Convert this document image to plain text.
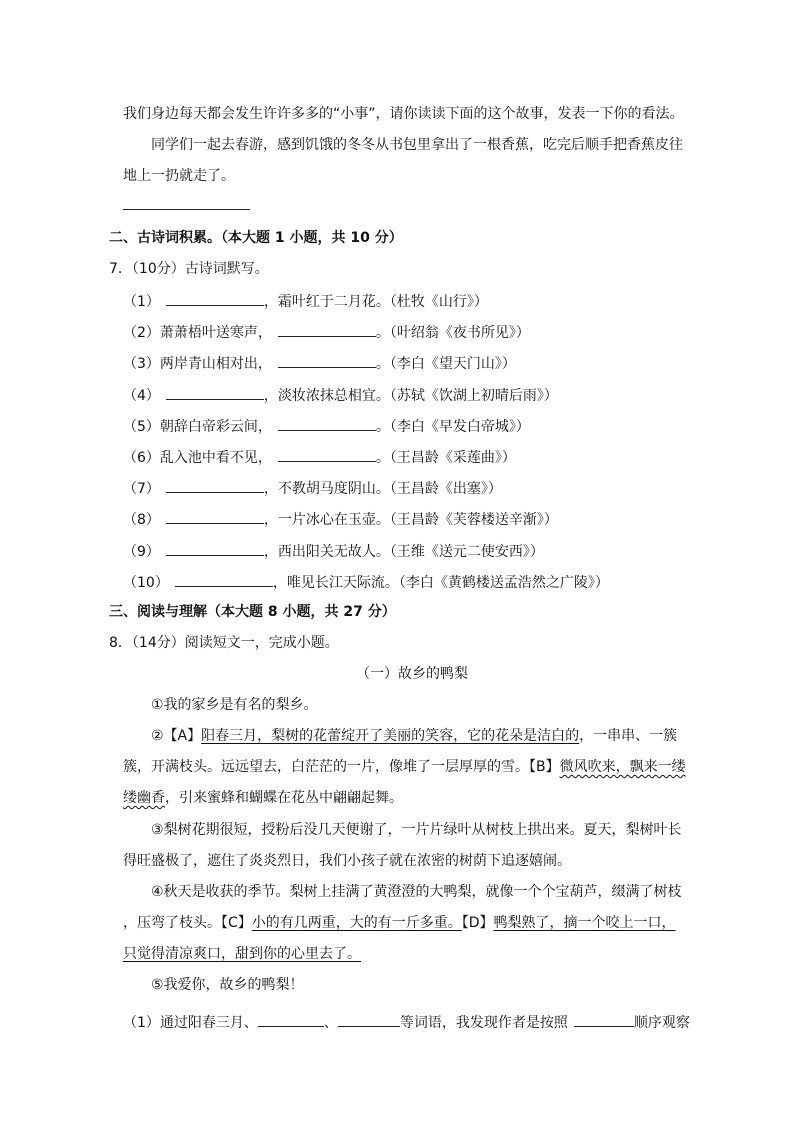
我们身边每天都会发生许许多多的“小事”，请你读读下面的这个故事，发表一下你的看法。
同学们一起去春游，感到饥饿的冬冬从书包里拿出了一根香蕉，吃完后顺手把香蕉皮往
地上一扔就走了。
二、古诗词积累。（本大题 1 小题，共 10 分）
7．（10分）古诗词默写。
（1）	，霜叶红于二月花。（杜牧《山行》）
（2）萧萧梧叶送寒声，	。（叶绍翁《夜书所见》）
（3）两岸青山相对出，	。（李白《望天门山》）
（4）	，淡妆浓抹总相宜。（苏轼《饮湖上初晴后雨》）
（5）朝辞白帝彩云间，	。（李白《早发白帝城》）
（6）乱入池中看不见，	。（王昌龄《采莲曲》）
（7）	，不教胡马度阴山。（王昌龄《出塞》）
（8）	，一片冰心在玉壶。（王昌龄《芙蓉楼送辛渐》）
（9）	，西出阳关无故人。（王维《送元二使安西》）
（10）	，唯见长江天际流。（李白《黄鹤楼送孟浩然之广陵》）
三、阅读与理解（本大题 8 小题，共 27 分）
8．（14分）阅读短文一，完成小题。
（一）故乡的鸭梨
①我的家乡是有名的梨乡。
②【A】阳春三月，梨树的花蕾绽开了美丽的笑容，它的花朵是洁白的，一串串、一簇
簇，开满枝头。远远望去，白茫茫的一片，像堆了一层厚厚的雪。【B】微风吹来，飘来一缕
缕幽香，引来蜜蜂和蝴蝶在花丛中翩翩起舞。
③梨树花期很短，授粉后没几天便谢了，一片片绿叶从树枝上拱出来。夏天，梨树叶长
得旺盛极了，遮住了炎炎烈日，我们小孩子就在浓密的树荫下追逐嬉闹。
④秋天是收获的季节。梨树上挂满了黄澄澄的大鸭梨，就像一个个宝葫芦，缀满了树枝
，压弯了枝头。【C】小的有几两重，大的有一斤多重。【D】鸭梨熟了，摘一个咬上一口，
只觉得清凉爽口，甜到你的心里去了。
⑤我爱你，故乡的鸭梨！
（1）通过阳春三月、	、	等词语，我发现作者是按照	顺序观察
